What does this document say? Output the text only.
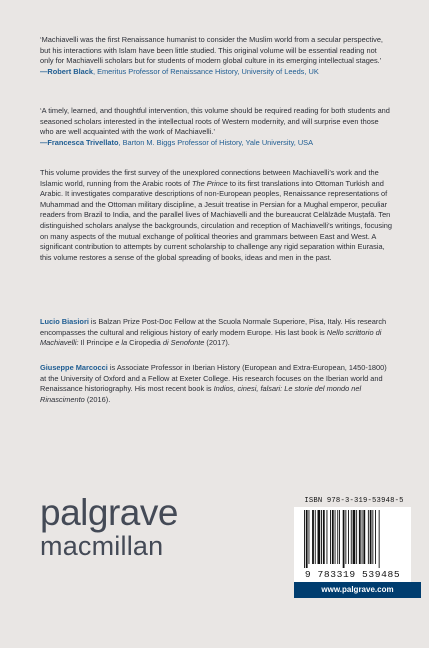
‘Machiavelli was the first Renaissance humanist to consider the Muslim world from a secular perspective, but his interactions with Islam have been little studied. This original volume will be essential reading not only for Machiavelli scholars but for students of modern global culture in its emerging intellectual stages.’
—Robert Black, Emeritus Professor of Renaissance History, University of Leeds, UK

‘A timely, learned, and thoughtful intervention, this volume should be required reading for both students and seasoned scholars interested in the intellectual roots of Western modernity, and will surprise even those who are well acquainted with the work of Machiavelli.’
—Francesca Trivellato, Barton M. Biggs Professor of History, Yale University, USA

This volume provides the first survey of the unexplored connections between Machiavelli’s work and the Islamic world, running from the Arabic roots of The Prince to its first translations into Ottoman Turkish and Arabic. It investigates comparative descriptions of non-European peoples, Renaissance representations of Muhammad and the Ottoman military discipline, a Jesuit treatise in Persian for a Mughal emperor, peculiar readers from Brazil to India, and the parallel lives of Machiavelli and the bureaucrat Celālzāde Muṣṭafā. Ten distinguished scholars analyse the backgrounds, circulation and reception of Machiavelli’s writings, focusing on many aspects of the mutual exchange of political theories and grammars between East and West. A significant contribution to attempts by current scholarship to challenge any rigid separation within Eurasia, this volume restores a sense of the global spreading of books, ideas and men in the past.

Lucio Biasiori is Balzan Prize Post-Doc Fellow at the Scuola Normale Superiore, Pisa, Italy. His research encompasses the cultural and religious history of early modern Europe. His last book is Nello scrittorio di Machiavelli: Il Principe e la Ciropedia di Senofonte (2017).

Giuseppe Marcocci is Associate Professor in Iberian History (European and Extra-European, 1450-1800) at the University of Oxford and a Fellow at Exeter College. His research focuses on the Iberian world and Renaissance historiography. His most recent book is Indios, cinesi, falsari: Le storie del mondo nel Rinascimento (2016).

palgrave
macmillan
ISBN 978-3-319-53948-5
9 783319 539485
www.palgrave.com
